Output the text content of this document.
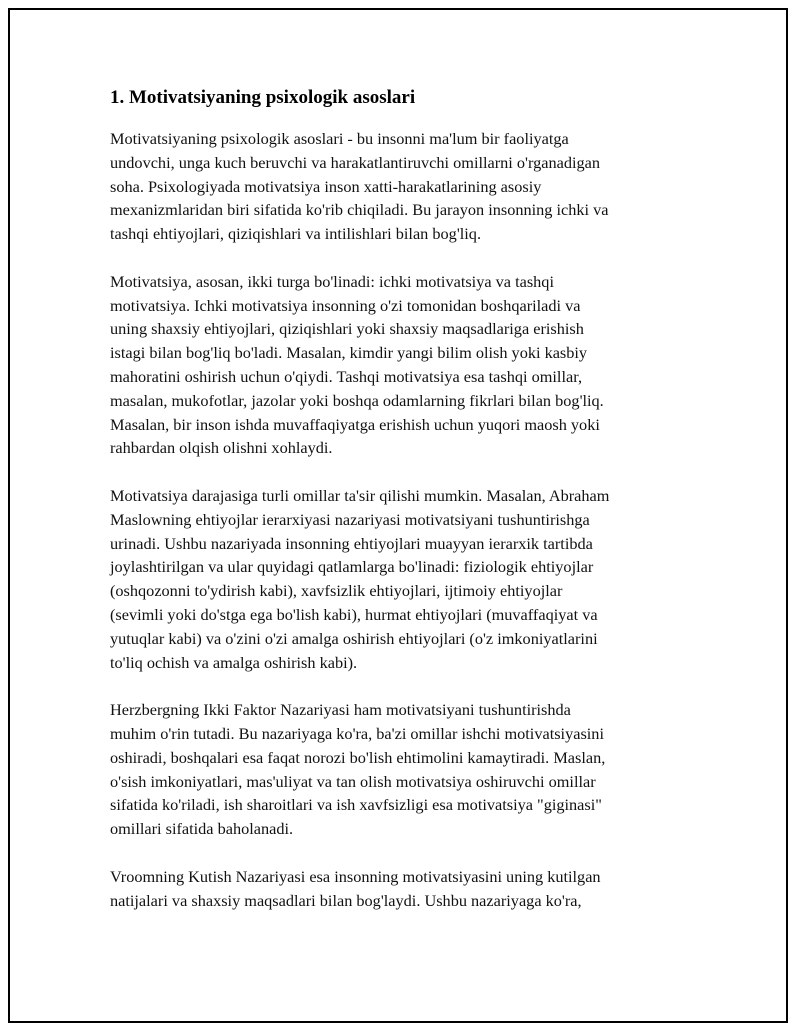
1. Motivatsiyaning psixologik asoslari

Motivatsiyaning psixologik asoslari - bu insonni ma'lum bir faoliyatga
undovchi, unga kuch beruvchi va harakatlantiruvchi omillarni o'rganadigan
soha. Psixologiyada motivatsiya inson xatti-harakatlarining asosiy
mexanizmlaridan biri sifatida ko'rib chiqiladi. Bu jarayon insonning ichki va
tashqi ehtiyojlari, qiziqishlari va intilishlari bilan bog'liq.

Motivatsiya, asosan, ikki turga bo'linadi: ichki motivatsiya va tashqi
motivatsiya. Ichki motivatsiya insonning o'zi tomonidan boshqariladi va
uning shaxsiy ehtiyojlari, qiziqishlari yoki shaxsiy maqsadlariga erishish
istagi bilan bog'liq bo'ladi. Masalan, kimdir yangi bilim olish yoki kasbiy
mahoratini oshirish uchun o'qiydi. Tashqi motivatsiya esa tashqi omillar,
masalan, mukofotlar, jazolar yoki boshqa odamlarning fikrlari bilan bog'liq.
Masalan, bir inson ishda muvaffaqiyatga erishish uchun yuqori maosh yoki
rahbardan olqish olishni xohlaydi.

Motivatsiya darajasiga turli omillar ta'sir qilishi mumkin. Masalan, Abraham
Maslowning ehtiyojlar ierarxiyasi nazariyasi motivatsiyani tushuntirishga
urinadi. Ushbu nazariyada insonning ehtiyojlari muayyan ierarxik tartibda
joylashtirilgan va ular quyidagi qatlamlarga bo'linadi: fiziologik ehtiyojlar
(oshqozonni to'ydirish kabi), xavfsizlik ehtiyojlari, ijtimoiy ehtiyojlar
(sevimli yoki do'stga ega bo'lish kabi), hurmat ehtiyojlari (muvaffaqiyat va
yutuqlar kabi) va o'zini o'zi amalga oshirish ehtiyojlari (o'z imkoniyatlarini
to'liq ochish va amalga oshirish kabi).

Herzbergning Ikki Faktor Nazariyasi ham motivatsiyani tushuntirishda
muhim o'rin tutadi. Bu nazariyaga ko'ra, ba'zi omillar ishchi motivatsiyasini
oshiradi, boshqalari esa faqat norozi bo'lish ehtimolini kamaytiradi. Maslan,
o'sish imkoniyatlari, mas'uliyat va tan olish motivatsiya oshiruvchi omillar
sifatida ko'riladi, ish sharoitlari va ish xavfsizligi esa motivatsiya "giginasi"
omillari sifatida baholanadi.

Vroomning Kutish Nazariyasi esa insonning motivatsiyasini uning kutilgan
natijalari va shaxsiy maqsadlari bilan bog'laydi. Ushbu nazariyaga ko'ra,
